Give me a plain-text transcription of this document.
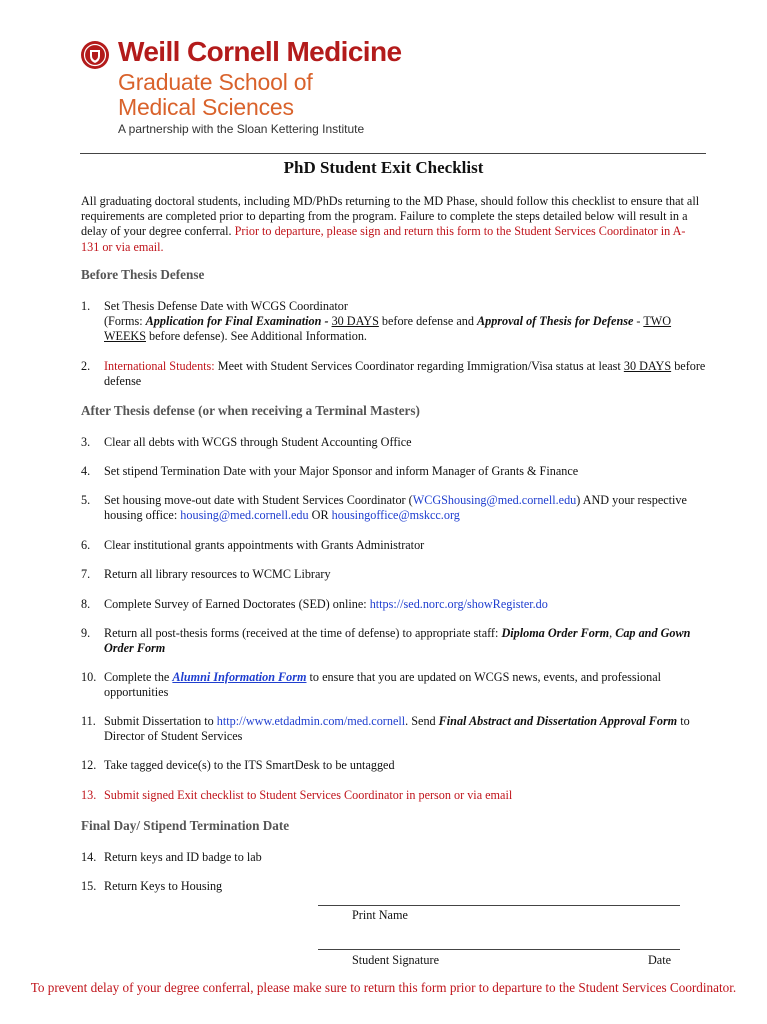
Weill Cornell Medicine
Graduate School of
Medical Sciences
A partnership with the Sloan Kettering Institute
PhD Student Exit Checklist
All graduating doctoral students, including MD/PhDs returning to the MD Phase, should follow this checklist to ensure that all requirements are completed prior to departing from the program. Failure to complete the steps detailed below will result in a delay of your degree conferral. Prior to departure, please sign and return this form to the Student Services Coordinator in A-131 or via email.
Before Thesis Defense
1.	Set Thesis Defense Date with WCGS Coordinator
(Forms: Application for Final Examination - 30 DAYS before defense and Approval of Thesis for Defense - TWO WEEKS before defense). See Additional Information.
2.	International Students: Meet with Student Services Coordinator regarding Immigration/Visa status at least 30 DAYS before defense
After Thesis defense (or when receiving a Terminal Masters)
3.	Clear all debts with WCGS through Student Accounting Office
4.	Set stipend Termination Date with your Major Sponsor and inform Manager of Grants & Finance
5.	Set housing move-out date with Student Services Coordinator (WCGShousing@med.cornell.edu) AND your respective housing office: housing@med.cornell.edu OR housingoffice@mskcc.org
6.	Clear institutional grants appointments with Grants Administrator
7.	Return all library resources to WCMC Library
8.	Complete Survey of Earned Doctorates (SED) online: https://sed.norc.org/showRegister.do
9.	Return all post-thesis forms (received at the time of defense) to appropriate staff: Diploma Order Form, Cap and Gown Order Form
10. Complete the Alumni Information Form to ensure that you are updated on WCGS news, events, and professional opportunities
11. Submit Dissertation to http://www.etdadmin.com/med.cornell. Send Final Abstract and Dissertation Approval Form to Director of Student Services
12. Take tagged device(s) to the ITS SmartDesk to be untagged
13. Submit signed Exit checklist to Student Services Coordinator in person or via email
Final Day/ Stipend Termination Date
14. Return keys and ID badge to lab
15. Return Keys to Housing
Print Name
Student Signature	Date
To prevent delay of your degree conferral, please make sure to return this form prior to departure to the Student Services Coordinator.
